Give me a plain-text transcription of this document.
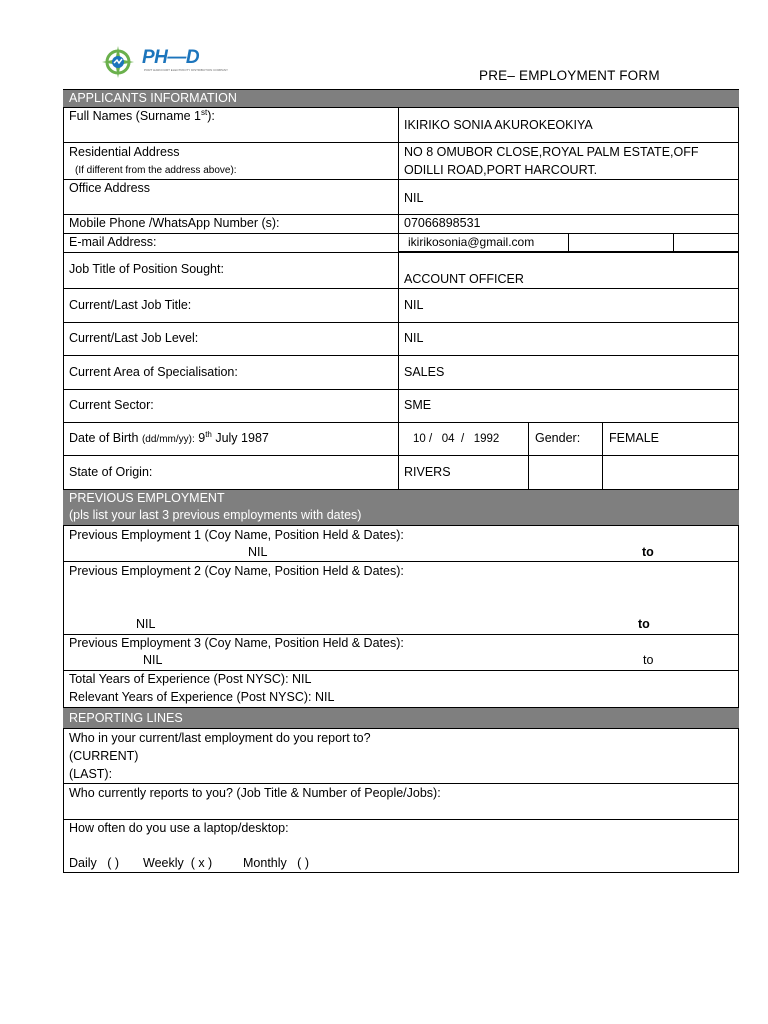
PH—D
PORT HARCOURT ELECTRICITY DISTRIBUTION COMPANY	PRE– EMPLOYMENT FORM
APPLICANTS INFORMATION
Full Names (Surname 1st):
IKIRIKO SONIA AKUROKEOKIYA
Residential Address
(If different from the address above):
NO 8 OMUBOR CLOSE,ROYAL PALM ESTATE,OFF
ODILLI ROAD,PORT HARCOURT.
Office Address
NIL
Mobile Phone /WhatsApp Number (s):	07066898531
E-mail Address:	ikirikosonia@gmail.com
Job Title of Position Sought:
ACCOUNT OFFICER
Current/Last Job Title:	NIL
Current/Last Job Level:	NIL
Current Area of Specialisation:	SALES
Current Sector:	SME
Date of Birth (dd/mm/yy): 9th July 1987	10 /   04  /   1992	Gender: FEMALE
State of Origin:	RIVERS
PREVIOUS EMPLOYMENT
(pls list your last 3 previous employments with dates)
Previous Employment 1 (Coy Name, Position Held & Dates):
NIL	to
Previous Employment 2 (Coy Name, Position Held & Dates):
NIL	to
Previous Employment 3 (Coy Name, Position Held & Dates):
NIL	to
Total Years of Experience (Post NYSC): NIL
Relevant Years of Experience (Post NYSC): NIL
REPORTING LINES
Who in your current/last employment do you report to?
(CURRENT)
(LAST):
Who currently reports to you? (Job Title & Number of People/Jobs):
How often do you use a laptop/desktop:
Daily   ( ) Weekly  ( x ) Monthly   ( )
